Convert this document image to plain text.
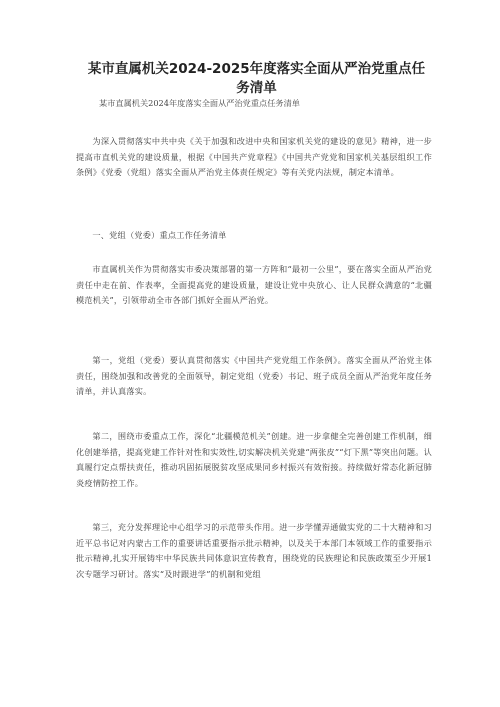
某市直属机关2024-2025年度落实全面从严治党重点任务清单

某市直属机关2024年度落实全面从严治党重点任务清单

为深入贯彻落实中共中央《关于加强和改进中央和国家机关党的建设的意见》精神，进一步提高市直机关党的建设质量，根据《中国共产党章程》《中国共产党党和国家机关基层组织工作条例》《党委（党组）落实全面从严治党主体责任规定》等有关党内法规，制定本清单。

一、党组（党委）重点工作任务清单

市直属机关作为贯彻落实市委决策部署的第一方阵和“最初一公里”，要在落实全面从严治党责任中走在前、作表率，全面提高党的建设质量，建设让党中央放心、让人民群众满意的“北疆模范机关”，引领带动全市各部门抓好全面从严治党。

第一，党组（党委）要认真贯彻落实《中国共产党党组工作条例》。落实全面从严治党主体责任，围绕加强和改善党的全面领导，制定党组（党委）书记、班子成员全面从严治党年度任务清单，并认真落实。

第二，围绕市委重点工作，深化“北疆模范机关”创建。进一步拿健全完善创建工作机制，细化创建举措，提高党建工作针对性和实效性,切实解决机关党建“两张皮”“灯下黑”等突出问题。认真履行定点帮扶责任，推动巩固拓展脱贫攻坚成果同乡村振兴有效衔接。持续做好常态化新冠肺炎疫情防控工作。

第三，充分发挥理论中心组学习的示范带头作用。进一步学懂弄通做实党的二十大精神和习近平总书记对内蒙古工作的重要讲话重要指示批示精神，以及关于本部门本领域工作的重要指示批示精神,扎实开展铸牢中华民族共同体意识宣传教育，围绕党的民族理论和民族政策至少开展1次专题学习研讨。落实“及时跟进学”的机制和党组
